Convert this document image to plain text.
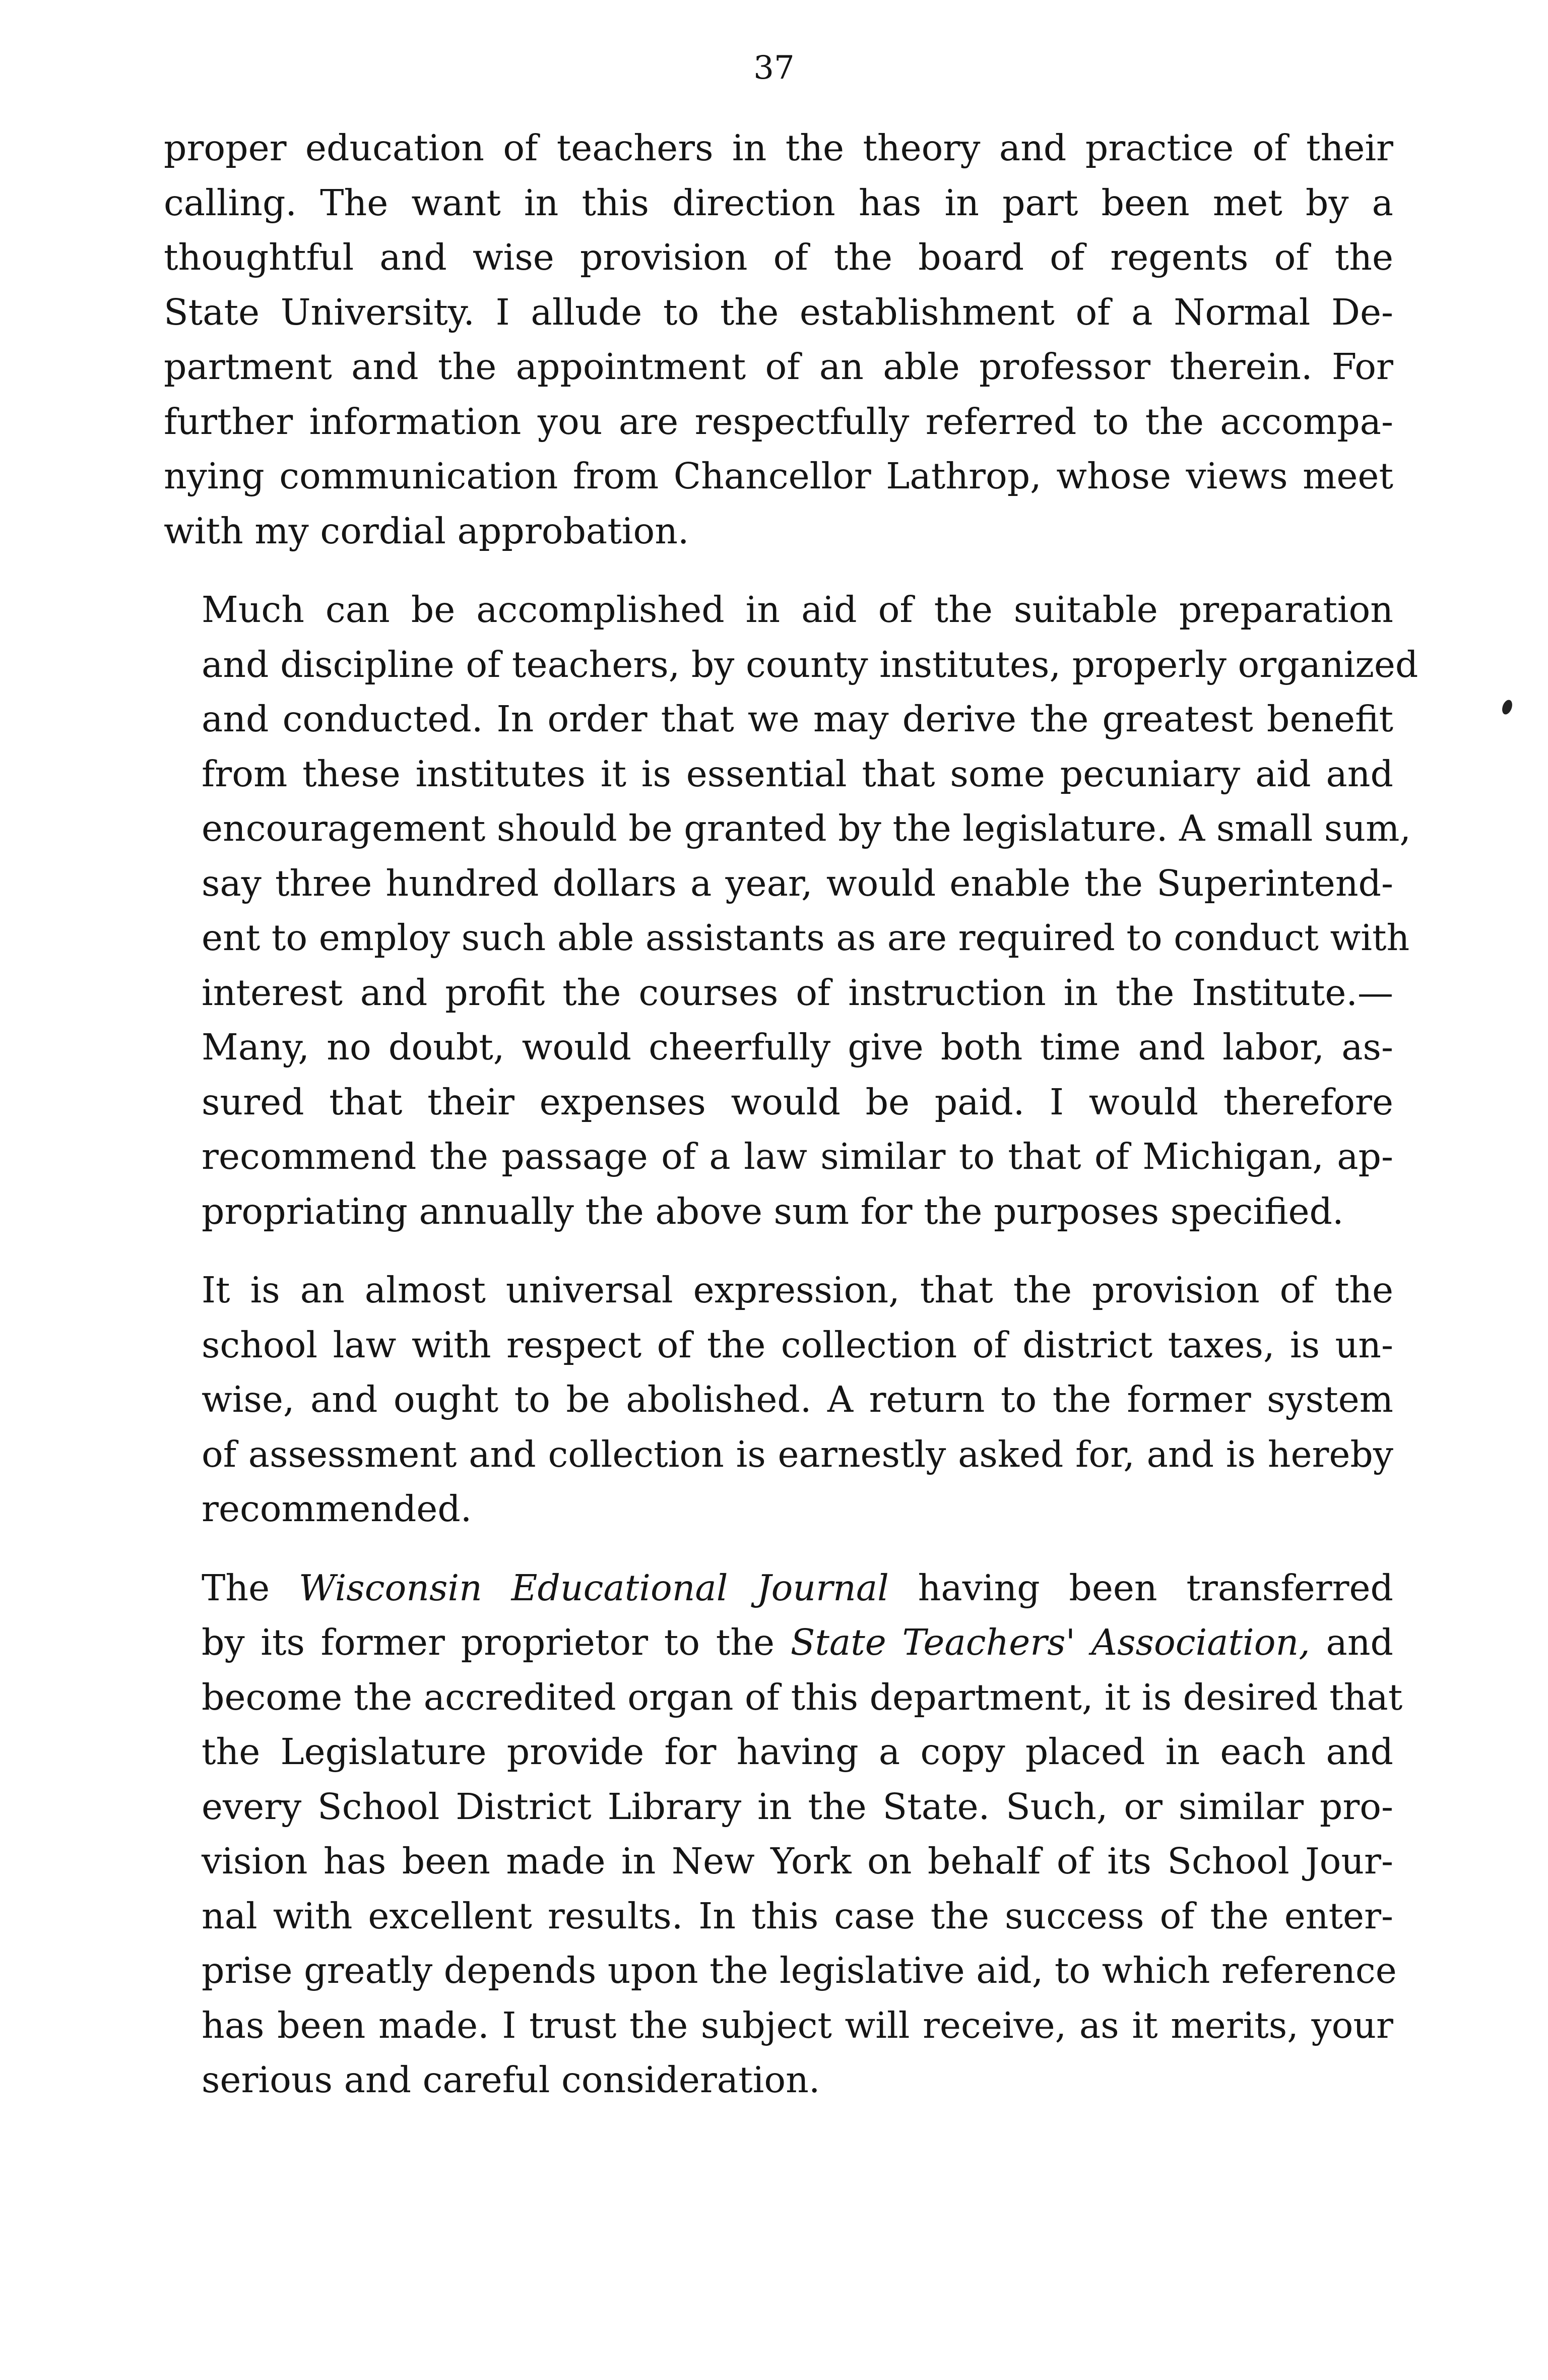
37

proper education of teachers in the theory and practice of their
calling. The want in this direction has in part been met by a
thoughtful and wise provision of the board of regents of the
State University. I allude to the establishment of a Normal De-
partment and the appointment of an able professor therein. For
further information you are respectfully referred to the accompa-
nying communication from Chancellor Lathrop, whose views meet
with my cordial approbation.

Much can be accomplished in aid of the suitable preparation
and discipline of teachers, by county institutes, properly organized
and conducted. In order that we may derive the greatest benefit
from these institutes it is essential that some pecuniary aid and
encouragement should be granted by the legislature. A small sum,
say three hundred dollars a year, would enable the Superintend-
ent to employ such able assistants as are required to conduct with
interest and profit the courses of instruction in the Institute.—
Many, no doubt, would cheerfully give both time and labor, as-
sured that their expenses would be paid. I would therefore
recommend the passage of a law similar to that of Michigan, ap-
propriating annually the above sum for the purposes specified.

It is an almost universal expression, that the provision of the
school law with respect of the collection of district taxes, is un-
wise, and ought to be abolished. A return to the former system
of assessment and collection is earnestly asked for, and is hereby
recommended.

The Wisconsin Educational Journal having been transferred
by its former proprietor to the State Teachers' Association, and
become the accredited organ of this department, it is desired that
the Legislature provide for having a copy placed in each and
every School District Library in the State. Such, or similar pro-
vision has been made in New York on behalf of its School Jour-
nal with excellent results. In this case the success of the enter-
prise greatly depends upon the legislative aid, to which reference
has been made. I trust the subject will receive, as it merits, your
serious and careful consideration.
